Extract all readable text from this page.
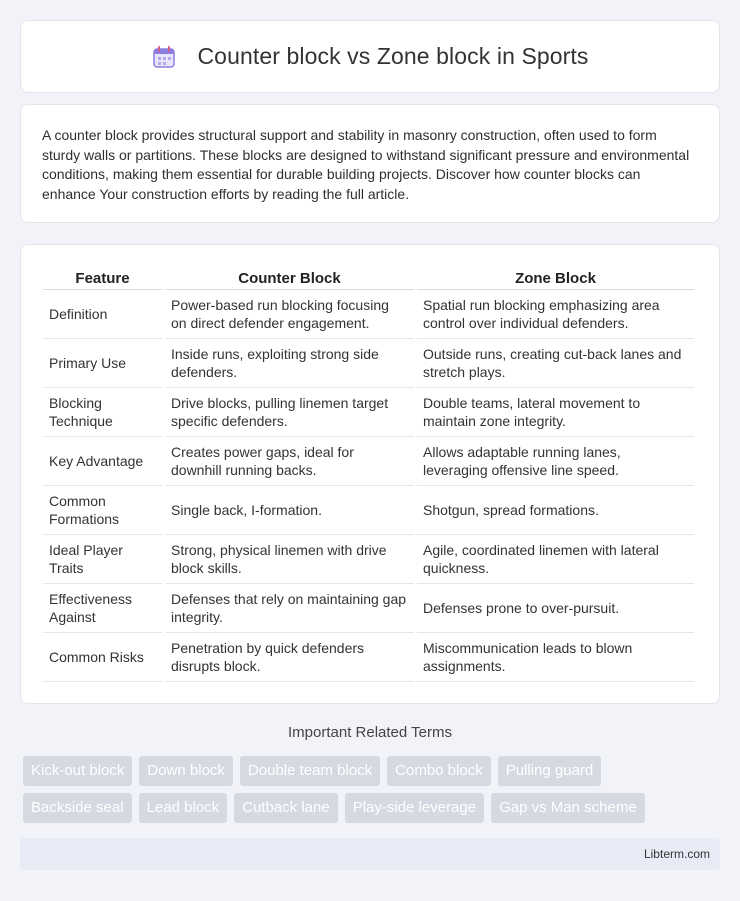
Counter block vs Zone block in Sports

A counter block provides structural support and stability in masonry construction, often used to form sturdy walls or partitions. These blocks are designed to withstand significant pressure and environmental conditions, making them essential for durable building projects. Discover how counter blocks can enhance Your construction efforts by reading the full article.

Feature	Counter Block	Zone Block
Definition	Power-based run blocking focusing on direct defender engagement.	Spatial run blocking emphasizing area control over individual defenders.
Primary Use	Inside runs, exploiting strong side defenders.	Outside runs, creating cut-back lanes and stretch plays.
Blocking Technique	Drive blocks, pulling linemen target specific defenders.	Double teams, lateral movement to maintain zone integrity.
Key Advantage	Creates power gaps, ideal for downhill running backs.	Allows adaptable running lanes, leveraging offensive line speed.
Common Formations	Single back, I-formation.	Shotgun, spread formations.
Ideal Player Traits	Strong, physical linemen with drive block skills.	Agile, coordinated linemen with lateral quickness.
Effectiveness Against	Defenses that rely on maintaining gap integrity.	Defenses prone to over-pursuit.
Common Risks	Penetration by quick defenders disrupts block.	Miscommunication leads to blown assignments.
Important Related Terms
Kick-out block	Down block	Double team block	Combo block	Pulling guard
Backside seal	Lead block	Cutback lane	Play-side leverage	Gap vs Man scheme
Libterm.com
